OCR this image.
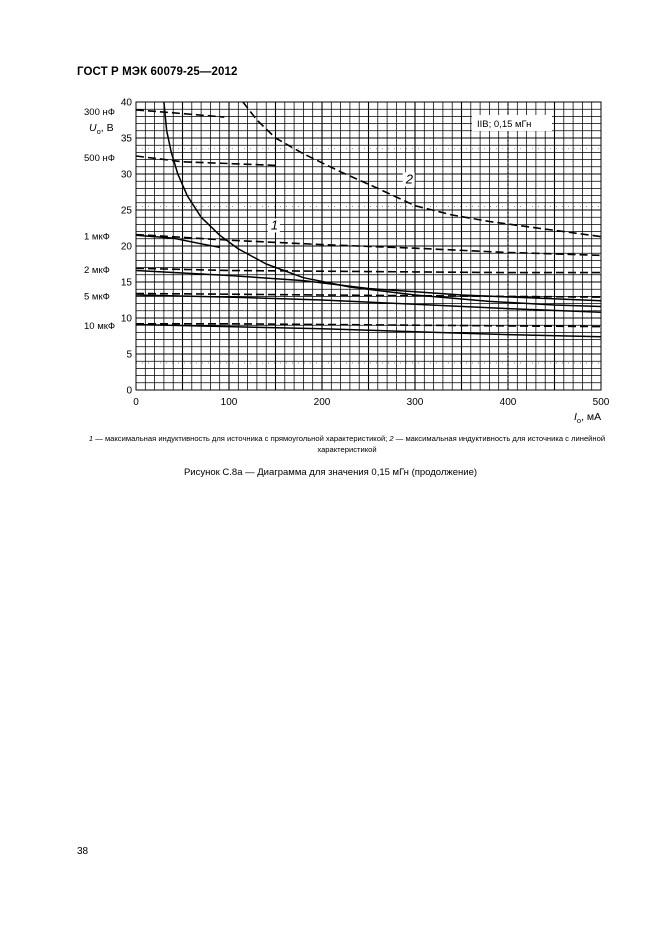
ГОСТ Р МЭК 60079-25—2012
0
5
10
15
20
25
30
35
40
0	100	200	300	400	500
300 нФ
500 нФ
1 мкФ
2 мкФ
5 мкФ
10 мкФ
1
2
IIB; 0,15 мГн
$U_о$, В
$I_о$, мА
1 — максимальная индуктивность для источника с прямоугольной характеристикой; 2 — максимальная индуктивность для источника с линейной характеристикой
Рисунок С.8а — Диаграмма для значения 0,15 мГн (продолжение)
38
